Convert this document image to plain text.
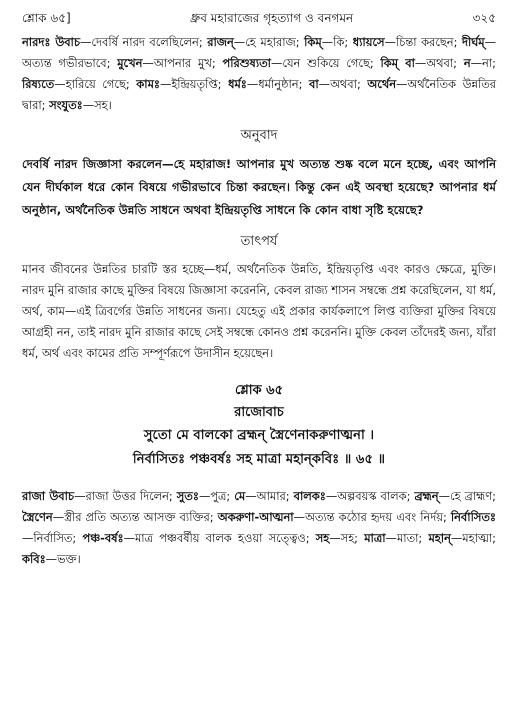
শ্লোক ৬৫]	ধ্রুব মহারাজের গৃহত্যাগ ও বনগমন	৩২৫

নারদঃ উবাচ—দেবর্ষি নারদ বলেছিলেন; রাজন্—হে মহারাজ; কিম্—কি; ধ্যায়সে—চিন্তা করছেন; দীর্ঘম্—অত্যন্ত গভীরভাবে; মুখেন—আপনার মুখ; পরিশুষ্যতা—যেন শুকিয়ে গেছে; কিম্ বা—অথবা; ন—না; রিষ্যতে—হারিয়ে গেছে; কামঃ—ইন্দ্রিয়তৃপ্তি; ধর্মঃ—ধর্মানুষ্ঠান; বা—অথবা; অর্থেন—অর্থনৈতিক উন্নতির দ্বারা; সংযুতঃ—সহ।

অনুবাদ

দেবর্ষি নারদ জিজ্ঞাসা করলেন—হে মহারাজ! আপনার মুখ অত্যন্ত শুষ্ক বলে মনে হচ্ছে, এবং আপনি যেন দীর্ঘকাল ধরে কোন বিষয়ে গভীরভাবে চিন্তা করছেন। কিন্তু কেন এই অবস্থা হয়েছে? আপনার ধর্ম অনুষ্ঠান, অর্থনৈতিক উন্নতি সাধনে অথবা ইন্দ্রিয়তৃপ্তি সাধনে কি কোন বাধা সৃষ্টি হয়েছে?

তাৎপর্য

মানব জীবনের উন্নতির চারটি স্তর হচ্ছে—ধর্ম, অর্থনৈতিক উন্নতি, ইন্দ্রিয়তৃপ্তি এবং কারও ক্ষেত্রে, মুক্তি। নারদ মুনি রাজার কাছে মুক্তির বিষয়ে জিজ্ঞাসা করেননি, কেবল রাজ্য শাসন সম্বন্ধে প্রশ্ন করেছিলেন, যা ধর্ম, অর্থ, কাম—এই ত্রিবর্গের উন্নতি সাধনের জন্য। যেহেতু এই প্রকার কার্যকলাপে লিপ্ত ব্যক্তিরা মুক্তির বিষয়ে আগ্রহী নন, তাই নারদ মুনি রাজার কাছে সেই সম্বন্ধে কোনও প্রশ্ন করেননি। মুক্তি কেবল তাঁদেরই জন্য, যাঁরা ধর্ম, অর্থ এবং কামের প্রতি সম্পূর্ণরূপে উদাসীন হয়েছেন।

শ্লোক ৬৫
রাজোবাচ
সুতো মে বালকো ব্রহ্মন্ স্ত্রৈণেনাকরুণাত্মনা ।
নির্বাসিতঃ পঞ্চবর্ষঃ সহ মাত্রা মহান্‌কবিঃ ॥ ৬৫ ॥

রাজা উবাচ—রাজা উত্তর দিলেন; সুতঃ—পুত্র; মে—আমার; বালকঃ—অল্পবয়স্ক বালক; ব্রহ্মন্—হে ব্রাহ্মণ; স্ত্রৈণেন—স্ত্রীর প্রতি অত্যন্ত আসক্ত ব্যক্তির; অকরুণা-আত্মনা—অত্যন্ত কঠোর হৃদয় এবং নির্দয়; নির্বাসিতঃ—নির্বাসিত; পঞ্চ-বর্ষঃ—মাত্র পঞ্চবর্ষীয় বালক হওয়া সত্ত্বেও; সহ—সহ; মাত্রা—মাতা; মহান্—মহাত্মা; কবিঃ—ভক্ত।
